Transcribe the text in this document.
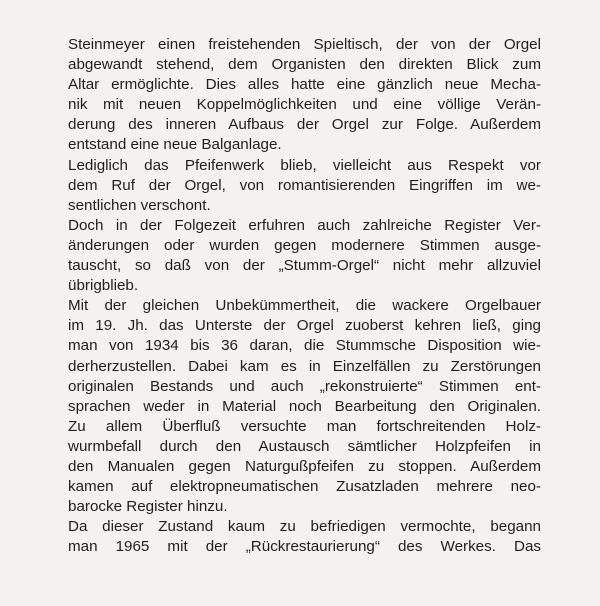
Steinmeyer einen freistehenden Spieltisch, der von der Orgel
abgewandt stehend, dem Organisten den direkten Blick zum
Altar ermöglichte. Dies alles hatte eine gänzlich neue Mecha-
nik mit neuen Koppelmöglichkeiten und eine völlige Verän-
derung des inneren Aufbaus der Orgel zur Folge. Außerdem
entstand eine neue Balganlage.
Lediglich das Pfeifenwerk blieb, vielleicht aus Respekt vor
dem Ruf der Orgel, von romantisierenden Eingriffen im we-
sentlichen verschont.
Doch in der Folgezeit erfuhren auch zahlreiche Register Ver-
änderungen oder wurden gegen modernere Stimmen ausge-
tauscht, so daß von der „Stumm-Orgel“ nicht mehr allzuviel
übrigblieb.
Mit der gleichen Unbekümmertheit, die wackere Orgelbauer
im 19. Jh. das Unterste der Orgel zuoberst kehren ließ, ging
man von 1934 bis 36 daran, die Stummsche Disposition wie-
derherzustellen. Dabei kam es in Einzelfällen zu Zerstörungen
originalen Bestands und auch „rekonstruierte“ Stimmen ent-
sprachen weder in Material noch Bearbeitung den Originalen.
Zu allem Überfluß versuchte man fortschreitenden Holz-
wurmbefall durch den Austausch sämtlicher Holzpfeifen in
den Manualen gegen Naturgußpfeifen zu stoppen. Außerdem
kamen auf elektropneumatischen Zusatzladen mehrere neo-
barocke Register hinzu.
Da dieser Zustand kaum zu befriedigen vermochte, begann
man 1965 mit der „Rückrestaurierung“ des Werkes. Das
